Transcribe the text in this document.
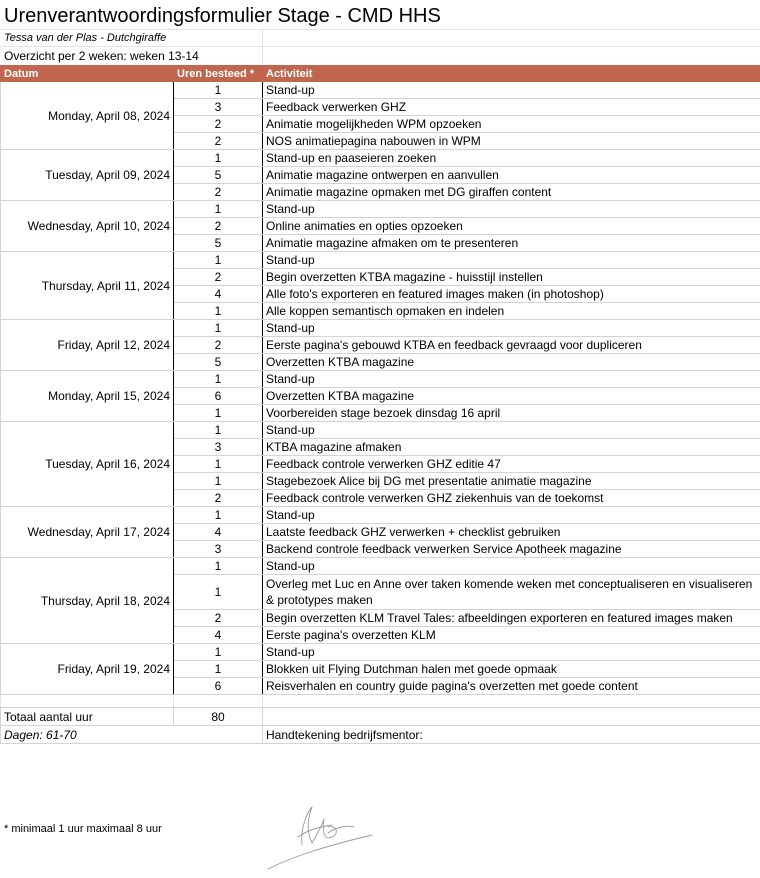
Urenverantwoordingsformulier Stage - CMD HHS
Tessa van der Plas - Dutchgiraffe
Overzicht per 2 weken: weken 13-14
Datum	Uren besteed *	Activiteit
Monday, April 08, 2024	1	Stand-up
	3	Feedback verwerken GHZ
	2	Animatie mogelijkheden WPM opzoeken
	2	NOS animatiepagina nabouwen in WPM
Tuesday, April 09, 2024	1	Stand-up en paaseieren zoeken
	5	Animatie magazine ontwerpen en aanvullen
	2	Animatie magazine opmaken met DG giraffen content
Wednesday, April 10, 2024	1	Stand-up
	2	Online animaties en opties opzoeken
	5	Animatie magazine afmaken om te presenteren
Thursday, April 11, 2024	1	Stand-up
	2	Begin overzetten KTBA magazine - huisstijl instellen
	4	Alle foto's exporteren en featured images maken (in photoshop)
	1	Alle koppen semantisch opmaken en indelen
Friday, April 12, 2024	1	Stand-up
	2	Eerste pagina's gebouwd KTBA en feedback gevraagd voor dupliceren
	5	Overzetten KTBA magazine
Monday, April 15, 2024	1	Stand-up
	6	Overzetten KTBA magazine
	1	Voorbereiden stage bezoek dinsdag 16 april
Tuesday, April 16, 2024	1	Stand-up
	3	KTBA magazine afmaken
	1	Feedback controle verwerken GHZ editie 47
	1	Stagebezoek Alice bij DG met presentatie animatie magazine
	2	Feedback controle verwerken GHZ ziekenhuis van de toekomst
Wednesday, April 17, 2024	1	Stand-up
	4	Laatste feedback GHZ verwerken + checklist gebruiken
	3	Backend controle feedback verwerken Service Apotheek magazine
Thursday, April 18, 2024	1	Stand-up
	1	Overleg met Luc en Anne over taken komende weken met conceptualiseren en visualiseren & prototypes maken
	2	Begin overzetten KLM Travel Tales: afbeeldingen exporteren en featured images maken
	4	Eerste pagina's overzetten KLM
Friday, April 19, 2024	1	Stand-up
	1	Blokken uit Flying Dutchman halen met goede opmaak
	6	Reisverhalen en country guide pagina's overzetten met goede content

Totaal aantal uur	80	
Dagen: 61-70		Handtekening bedrijfsmentor:
* minimaal 1 uur maximaal 8 uur
